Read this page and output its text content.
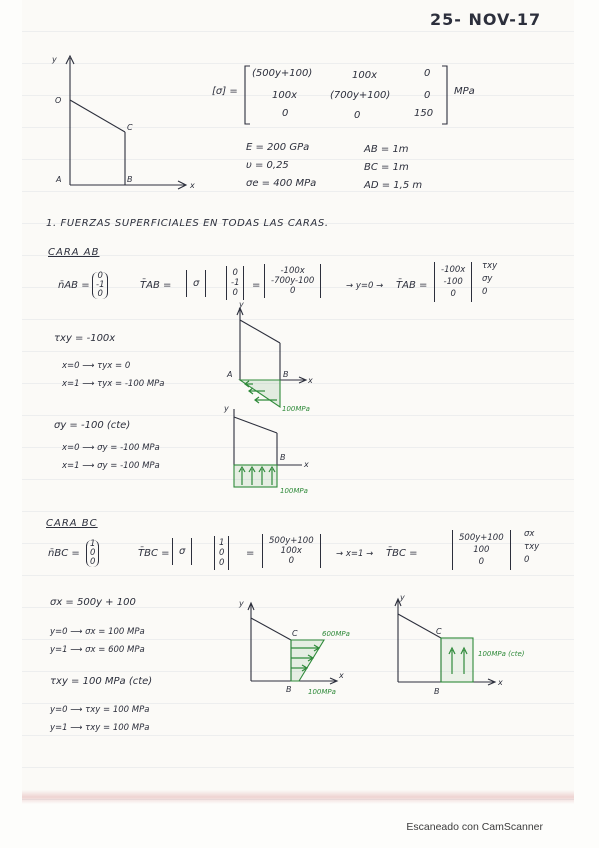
25- NOV-17
y
x
O
A	B
C
[σ] =
(500y+100)	100x	0
100x	(700y+100)	0
0	0	150
MPa
E = 200 GPa
υ = 0,25
σe = 400 MPa
AB = 1m
BC = 1m
AD = 1,5 m
1. FUERZAS SUPERFICIALES EN TODAS LAS CARAS.
CARA AB
n̄AB =
0
-1
0
T̄AB =	σ
0
-1
0
=
-100x
-700y-100
0	→ y=0 → T̄AB =
-100x
-100
0
τxy
σy
0
τxy = -100x
x=0 ⟶ τyx = 0
x=1 ⟶ τyx = -100 MPa
σy = -100 (cte)
x=0 ⟶ σy = -100 MPa
x=1 ⟶ σy = -100 MPa
y
x
A	B
100MPa
y
x
B
100MPa
CARA BC
n̄BC =
1
0
0
T̄BC = σ
1
0
0
=
500y+100
100x
0
→ x=1 → T̄BC =
500y+100
100
0
σx
τxy
0
σx = 500y + 100
y=0 ⟶ σx = 100 MPa
y=1 ⟶ σx = 600 MPa
τxy = 100 MPa (cte)
y=0 ⟶ τxy = 100 MPa
y=1 ⟶ τxy = 100 MPa
y
x
C
B
600MPa
100MPa
y
x
C
B
100MPa (cte)
Escaneado con CamScanner
